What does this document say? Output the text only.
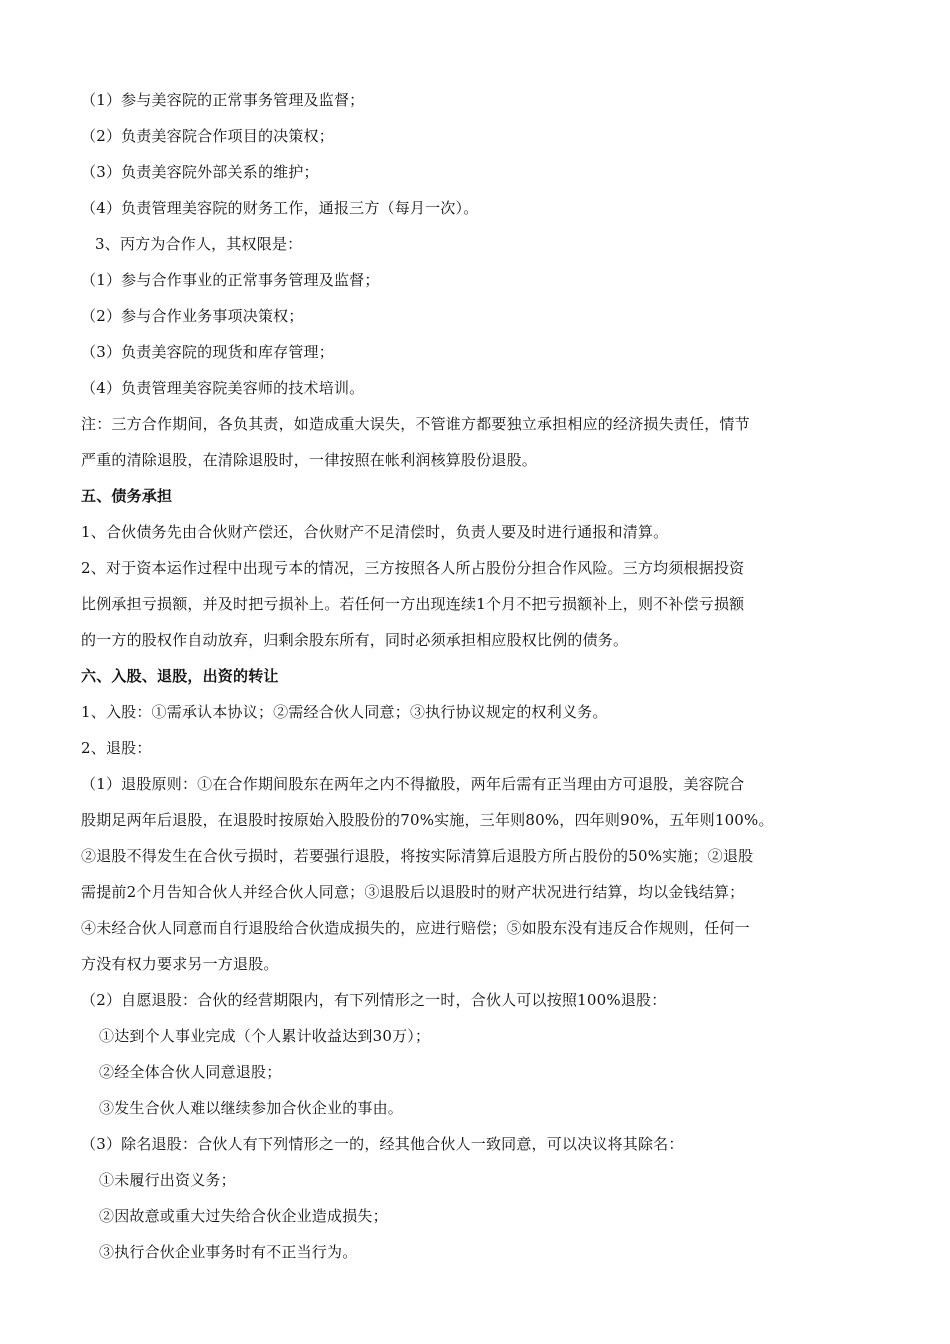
（1）参与美容院的正常事务管理及监督；
（2）负责美容院合作项目的决策权；
（3）负责美容院外部关系的维护；
（4）负责管理美容院的财务工作，通报三方（每月一次）。
3、丙方为合作人，其权限是：
（1）参与合作事业的正常事务管理及监督；
（2）参与合作业务事项决策权；
（3）负责美容院的现货和库存管理；
（4）负责管理美容院美容师的技术培训。
注：三方合作期间，各负其责，如造成重大误失，不管谁方都要独立承担相应的经济损失责任，情节
严重的清除退股，在清除退股时，一律按照在帐利润核算股份退股。
五、债务承担
1、合伙债务先由合伙财产偿还，合伙财产不足清偿时，负责人要及时进行通报和清算。
2、对于资本运作过程中出现亏本的情况，三方按照各人所占股份分担合作风险。三方均须根据投资
比例承担亏损额，并及时把亏损补上。若任何一方出现连续1个月不把亏损额补上，则不补偿亏损额
的一方的股权作自动放弃，归剩余股东所有，同时必须承担相应股权比例的债务。
六、入股、退股，出资的转让
1、入股：①需承认本协议；②需经合伙人同意；③执行协议规定的权利义务。
2、退股：
（1）退股原则：①在合作期间股东在两年之内不得撤股，两年后需有正当理由方可退股，美容院合
股期足两年后退股，在退股时按原始入股股份的70%实施，三年则80%，四年则90%，五年则100%。
②退股不得发生在合伙亏损时，若要强行退股，将按实际清算后退股方所占股份的50%实施；②退股
需提前2个月告知合伙人并经合伙人同意；③退股后以退股时的财产状况进行结算，均以金钱结算；
④未经合伙人同意而自行退股给合伙造成损失的，应进行赔偿；⑤如股东没有违反合作规则，任何一
方没有权力要求另一方退股。
（2）自愿退股：合伙的经营期限内，有下列情形之一时，合伙人可以按照100%退股：
①达到个人事业完成（个人累计收益达到30万）；
②经全体合伙人同意退股；
③发生合伙人难以继续参加合伙企业的事由。
（3）除名退股：合伙人有下列情形之一的，经其他合伙人一致同意，可以决议将其除名：
①未履行出资义务；
②因故意或重大过失给合伙企业造成损失；
③执行合伙企业事务时有不正当行为。
